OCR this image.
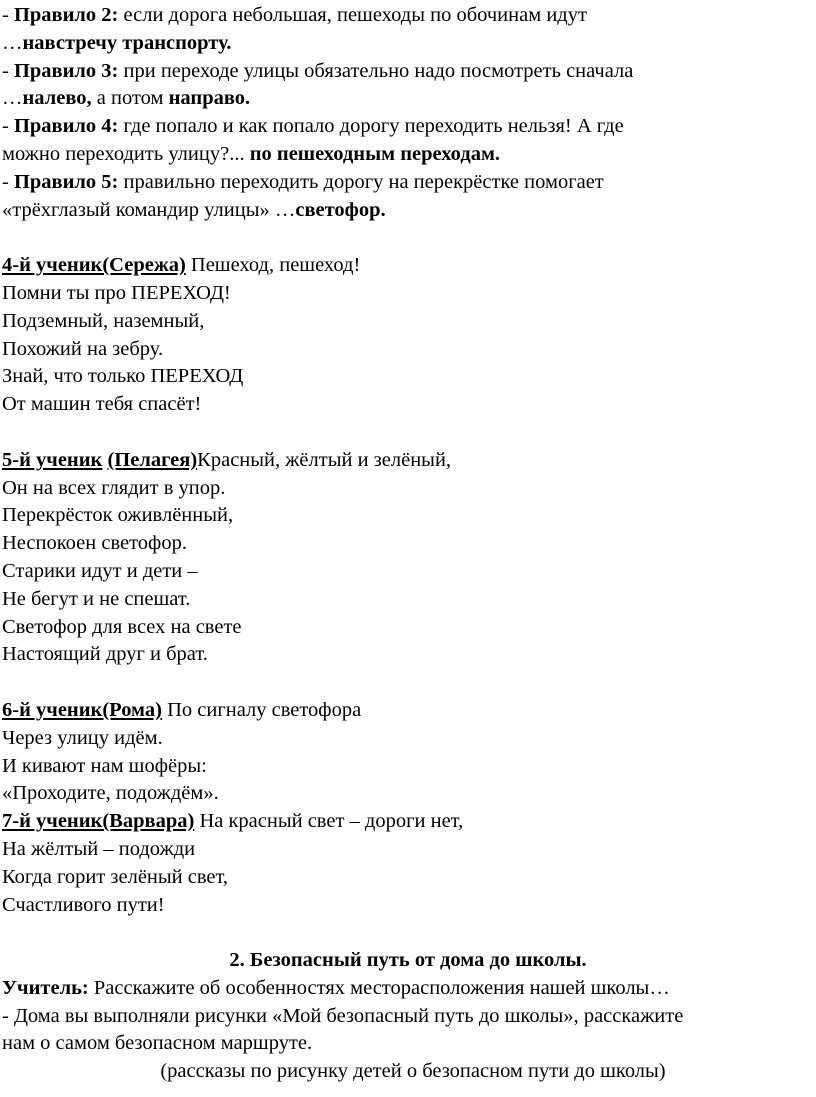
- Правило 2: если дорога небольшая, пешеходы по обочинам идут
…навстречу транспорту.
- Правило 3: при переходе улицы обязательно надо посмотреть сначала
…налево, а потом направо.
- Правило 4: где попало и как попало дорогу переходить нельзя! А где
можно переходить улицу?... по пешеходным переходам.
- Правило 5: правильно переходить дорогу на перекрёстке помогает
«трёхглазый командир улицы» …светофор.
4-й ученик(Сережа) Пешеход, пешеход!
Помни ты про ПЕРЕХОД!
Подземный, наземный,
Похожий на зебру.
Знай, что только ПЕРЕХОД
От машин тебя спасёт!
5-й ученик (Пелагея)Красный, жёлтый и зелёный,
Он на всех глядит в упор.
Перекрёсток оживлённый,
Неспокоен светофор.
Старики идут и дети –
Не бегут и не спешат.
Светофор для всех на свете
Настоящий друг и брат.
6-й ученик(Рома) По сигналу светофора
Через улицу идём.
И кивают нам шофёры:
«Проходите, подождём».
7-й ученик(Варвара) На красный свет – дороги нет,
На жёлтый – подожди
Когда горит зелёный свет,
Счастливого пути!
2. Безопасный путь от дома до школы.
Учитель: Расскажите об особенностях месторасположения нашей школы…
- Дома вы выполняли рисунки «Мой безопасный путь до школы», расскажите
нам о самом безопасном маршруте.
(рассказы по рисунку детей о безопасном пути до школы)
